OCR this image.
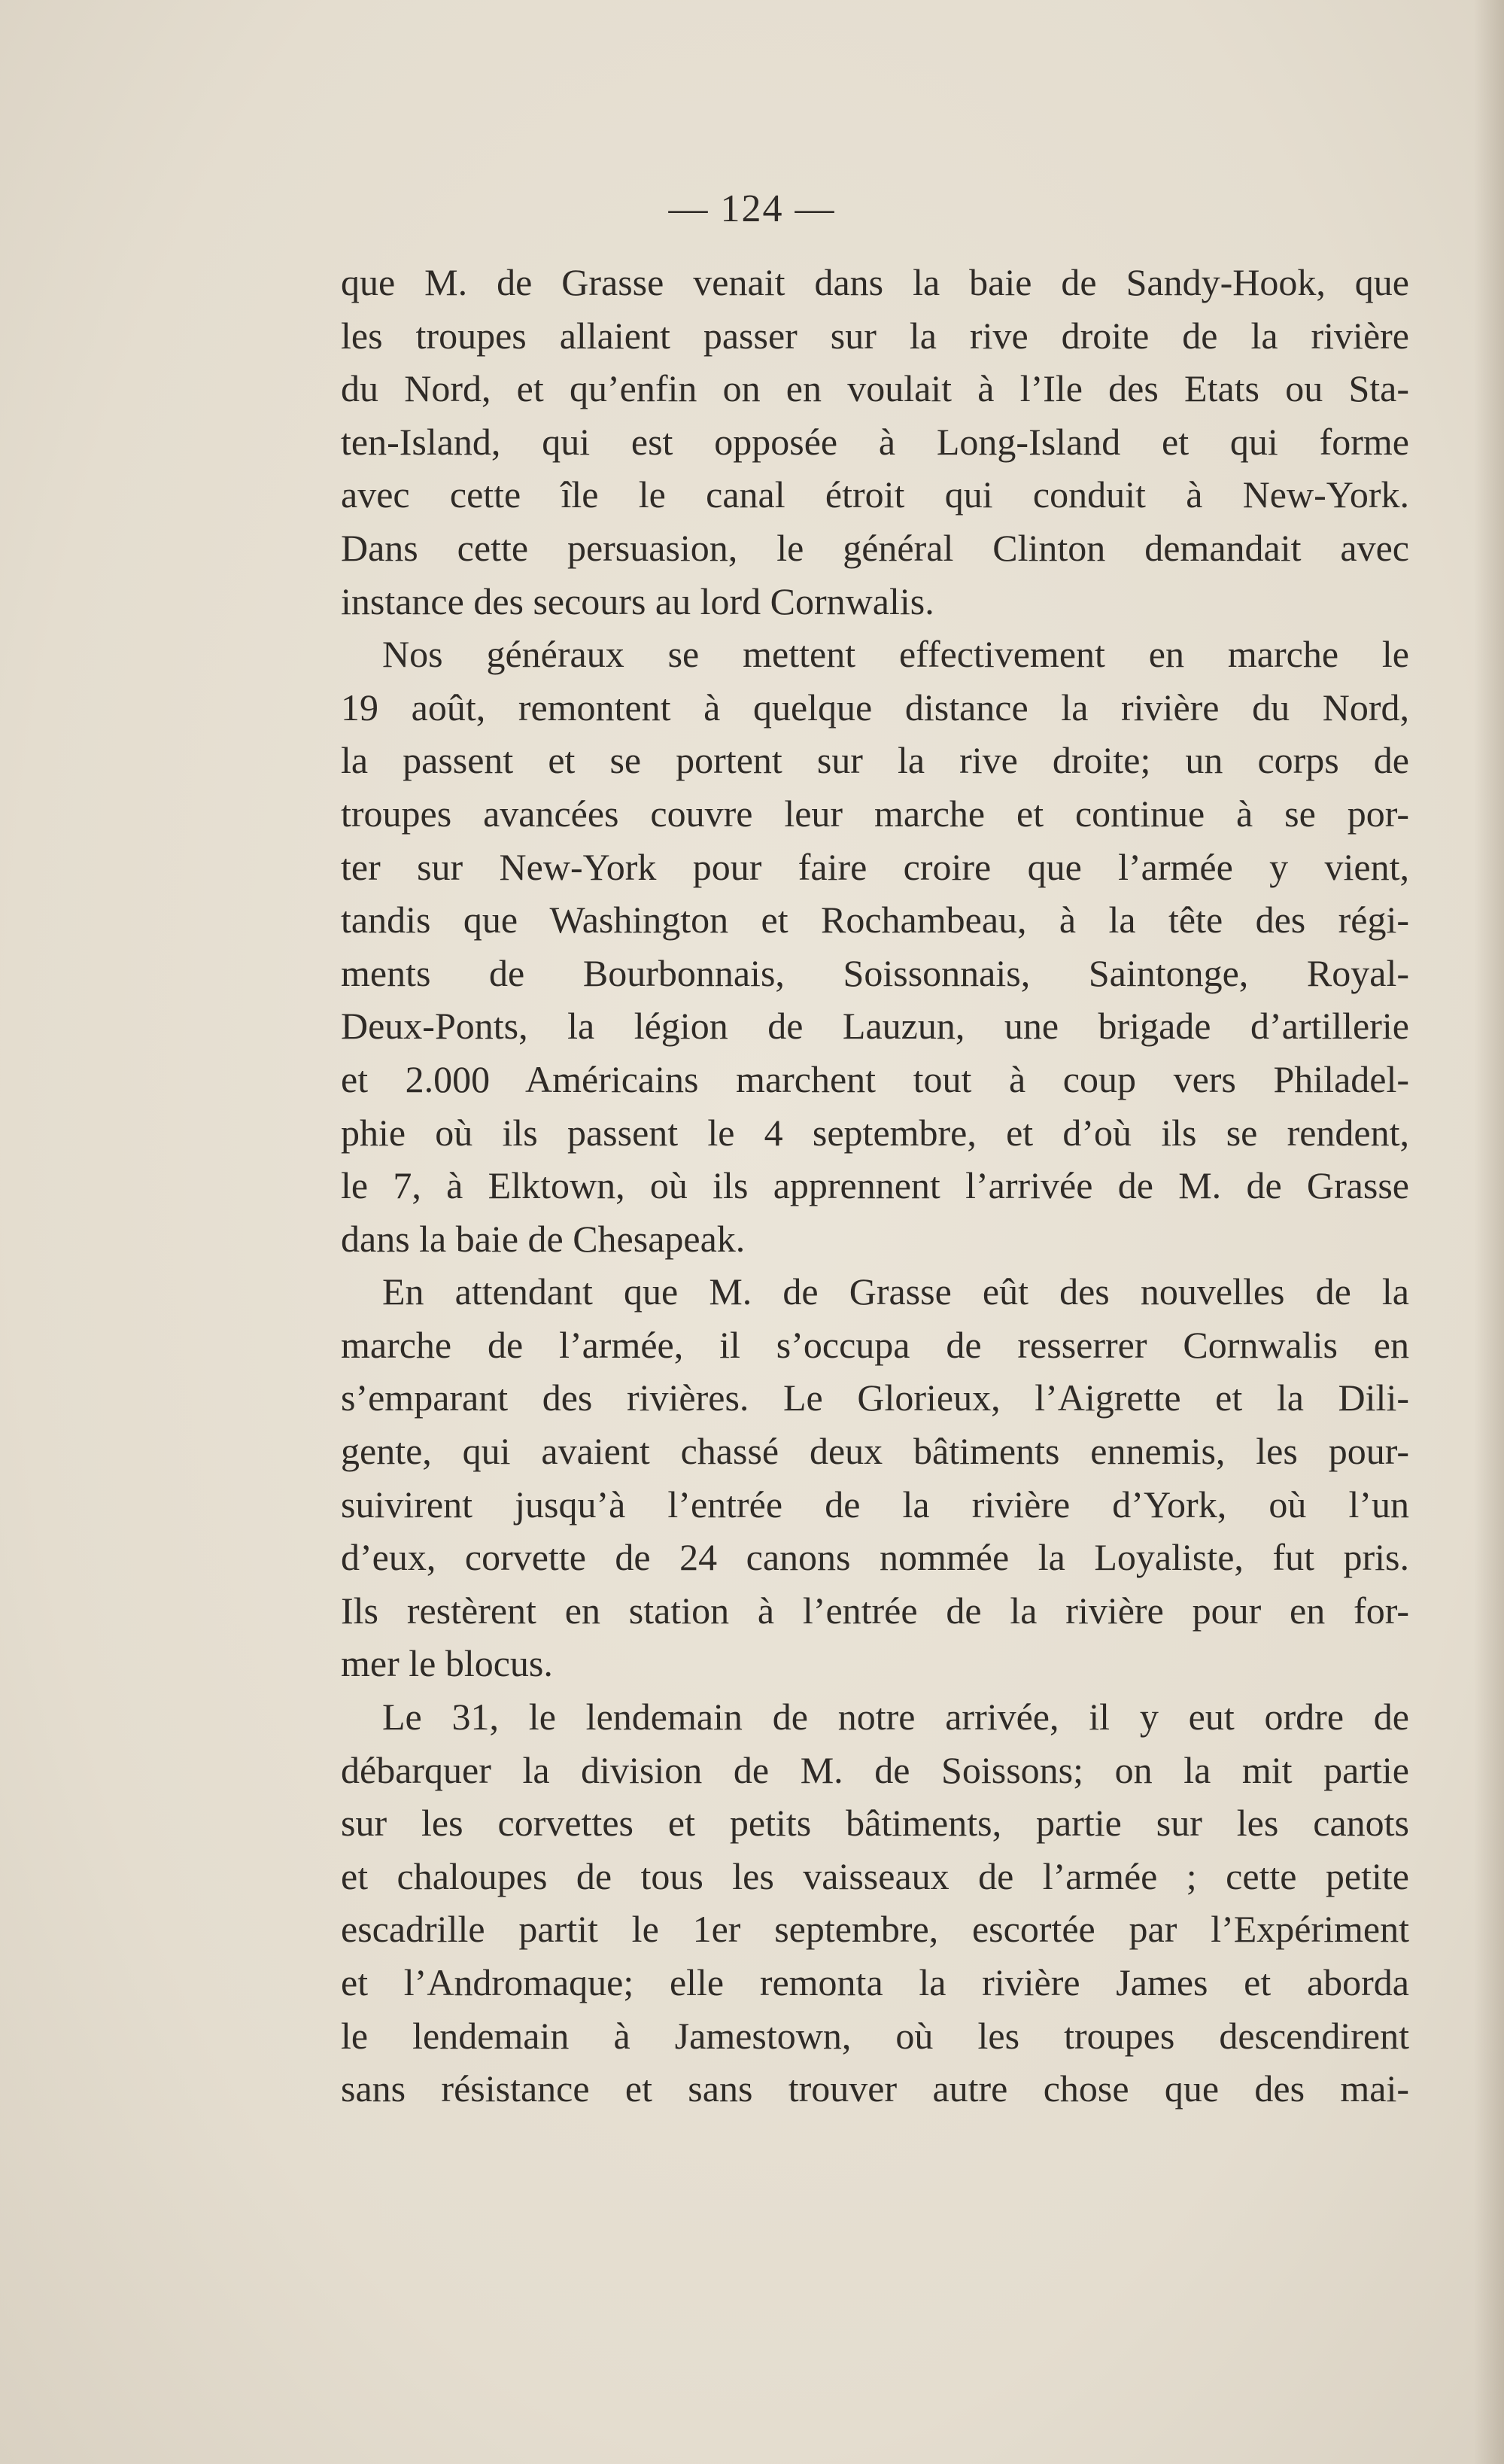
— 124 —
que M. de Grasse venait dans la baie de Sandy-Hook, que
les troupes allaient passer sur la rive droite de la rivière
du Nord, et qu’enfin on en voulait à l’Ile des Etats ou Sta-
ten-Island, qui est opposée à Long-Island et qui forme
avec cette île le canal étroit qui conduit à New-York.
Dans cette persuasion, le général Clinton demandait avec
instance des secours au lord Cornwalis.
Nos généraux se mettent effectivement en marche le
19 août, remontent à quelque distance la rivière du Nord,
la passent et se portent sur la rive droite; un corps de
troupes avancées couvre leur marche et continue à se por-
ter sur New-York pour faire croire que l’armée y vient,
tandis que Washington et Rochambeau, à la tête des régi-
ments de Bourbonnais, Soissonnais, Saintonge, Royal-
Deux-Ponts, la légion de Lauzun, une brigade d’artillerie
et 2.000 Américains marchent tout à coup vers Philadel-
phie où ils passent le 4 septembre, et d’où ils se rendent,
le 7, à Elktown, où ils apprennent l’arrivée de M. de Grasse
dans la baie de Chesapeak.
En attendant que M. de Grasse eût des nouvelles de la
marche de l’armée, il s’occupa de resserrer Cornwalis en
s’emparant des rivières. Le Glorieux, l’Aigrette et la Dili-
gente, qui avaient chassé deux bâtiments ennemis, les pour-
suivirent jusqu’à l’entrée de la rivière d’York, où l’un
d’eux, corvette de 24 canons nommée la Loyaliste, fut pris.
Ils restèrent en station à l’entrée de la rivière pour en for-
mer le blocus.
Le 31, le lendemain de notre arrivée, il y eut ordre de
débarquer la division de M. de Soissons; on la mit partie
sur les corvettes et petits bâtiments, partie sur les canots
et chaloupes de tous les vaisseaux de l’armée ; cette petite
escadrille partit le 1er septembre, escortée par l’Expériment
et l’Andromaque; elle remonta la rivière James et aborda
le lendemain à Jamestown, où les troupes descendirent
sans résistance et sans trouver autre chose que des mai-
